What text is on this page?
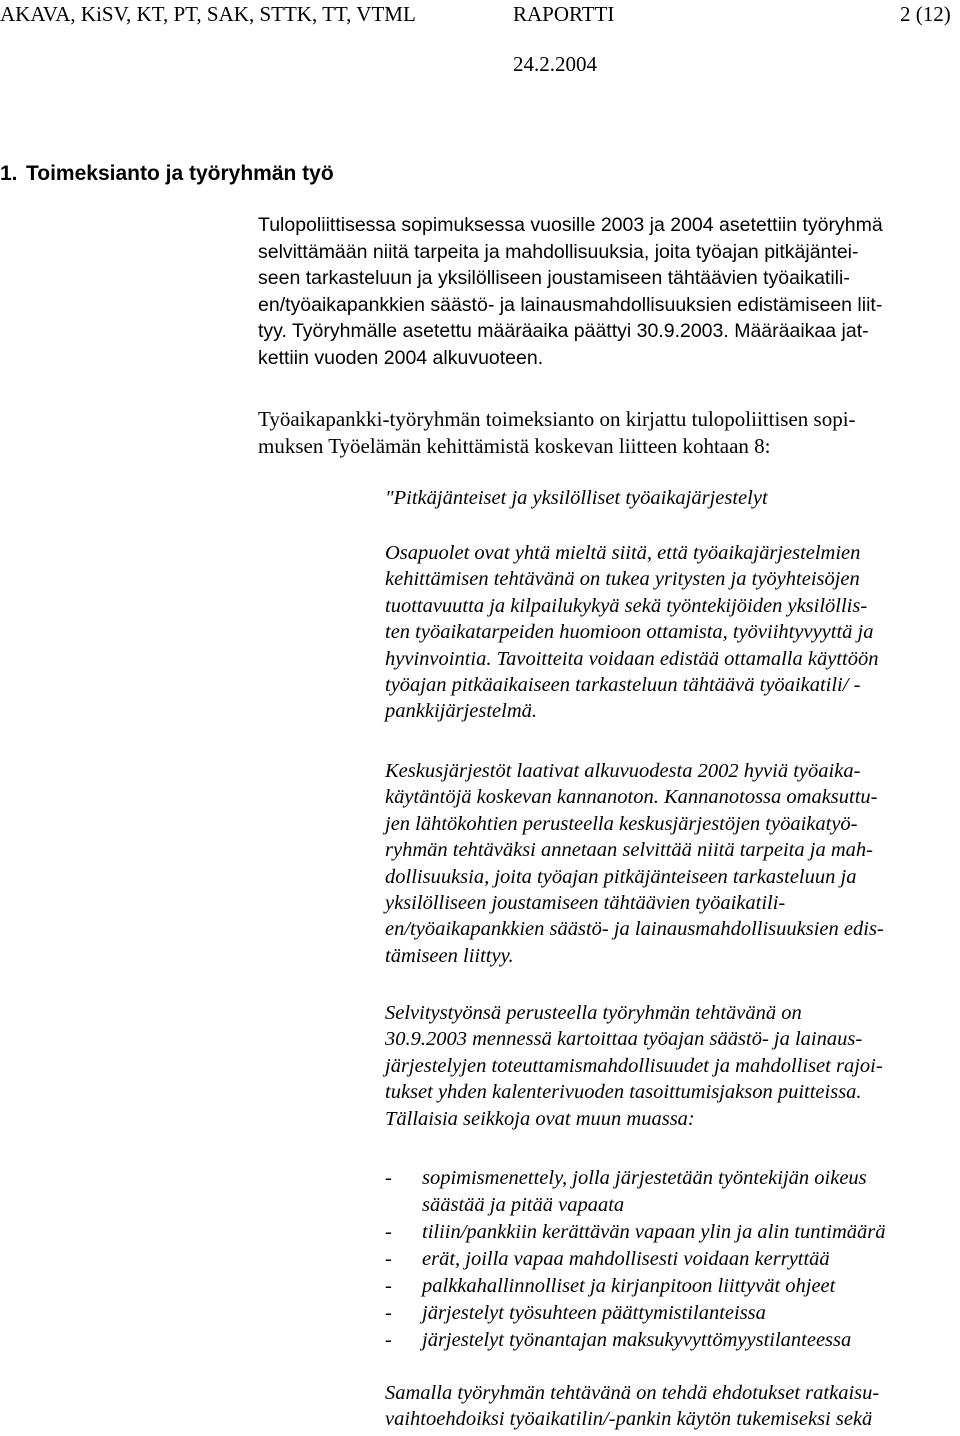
AKAVA, KiSV, KT, PT, SAK, STTK, TT, VTML	RAPORTTI	2 (12)
24.2.2004
1. Toimeksianto ja työryhmän työ
Tulopoliittisessa sopimuksessa vuosille 2003 ja 2004 asetettiin työryhmä
selvittämään niitä tarpeita ja mahdollisuuksia, joita työajan pitkäjäntei-
seen tarkasteluun ja yksilölliseen joustamiseen tähtäävien työaikatili-
en/työaikapankkien säästö- ja lainausmahdollisuuksien edistämiseen liit-
tyy. Työryhmälle asetettu määräaika päättyi 30.9.2003. Määräaikaa jat-
kettiin vuoden 2004 alkuvuoteen.
Työaikapankki-työryhmän toimeksianto on kirjattu tulopoliittisen sopi-
muksen Työelämän kehittämistä koskevan liitteen kohtaan 8:
"Pitkäjänteiset ja yksilölliset työaikajärjestelyt
Osapuolet ovat yhtä mieltä siitä, että työaikajärjestelmien
kehittämisen tehtävänä on tukea yritysten ja työyhteisöjen
tuottavuutta ja kilpailukykyä sekä työntekijöiden yksilöllis-
ten työaikatarpeiden huomioon ottamista, työviihtyvyyttä ja
hyvinvointia. Tavoitteita voidaan edistää ottamalla käyttöön
työajan pitkäaikaiseen tarkasteluun tähtäävä työaikatili/ -
pankkijärjestelmä.
Keskusjärjestöt laativat alkuvuodesta 2002 hyviä työaika-
käytäntöjä koskevan kannanoton. Kannanotossa omaksuttu-
jen lähtökohtien perusteella keskusjärjestöjen työaikatyö-
ryhmän tehtäväksi annetaan selvittää niitä tarpeita ja mah-
dollisuuksia, joita työajan pitkäjänteiseen tarkasteluun ja
yksilölliseen joustamiseen tähtäävien työaikatili-
en/työaikapankkien säästö- ja lainausmahdollisuuksien edis-
tämiseen liittyy.
Selvitystyönsä perusteella työryhmän tehtävänä on
30.9.2003 mennessä kartoittaa työajan säästö- ja lainaus-
järjestelyjen toteuttamismahdollisuudet ja mahdolliset rajoi-
tukset yhden kalenterivuoden tasoittumisjakson puitteissa.
Tällaisia seikkoja ovat muun muassa:
- sopimismenettely, jolla järjestetään työntekijän oikeus
säästää ja pitää vapaata
- tiliin/pankkiin kerättävän vapaan ylin ja alin tuntimäärä
- erät, joilla vapaa mahdollisesti voidaan kerryttää
- palkkahallinnolliset ja kirjanpitoon liittyvät ohjeet
- järjestelyt työsuhteen päättymistilanteissa
- järjestelyt työnantajan maksukyvyttömyystilanteessa
Samalla työryhmän tehtävänä on tehdä ehdotukset ratkaisu-
vaihtoehdoiksi työaikatilin/-pankin käytön tukemiseksi sekä
